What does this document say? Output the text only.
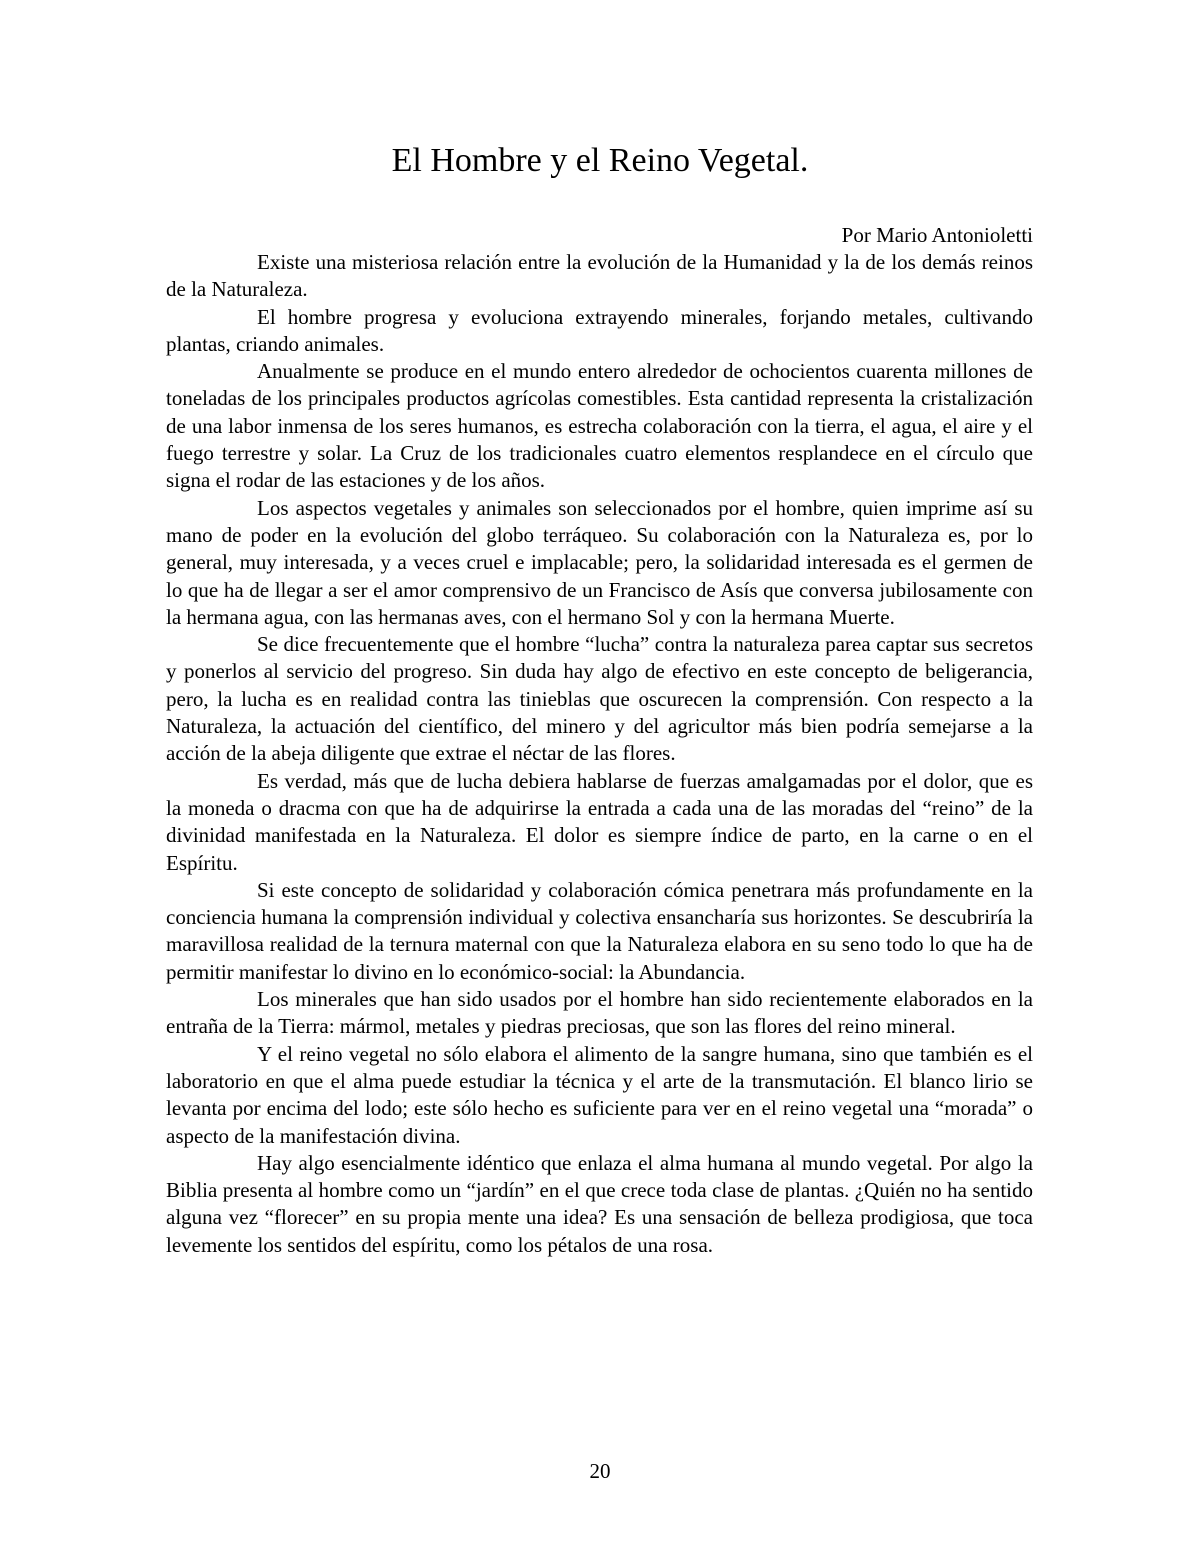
El Hombre y el Reino Vegetal.

Por Mario Antonioletti

Existe una misteriosa relación entre la evolución de la Humanidad y la de los demás reinos de la Naturaleza.

El hombre progresa y evoluciona extrayendo minerales, forjando metales, cultivando plantas, criando animales.

Anualmente se produce en el mundo entero alrededor de ochocientos cuarenta millones de toneladas de los principales productos agrícolas comestibles. Esta cantidad representa la cristalización de una labor inmensa de los seres humanos, es estrecha colaboración con la tierra, el agua, el aire y el fuego terrestre y solar. La Cruz de los tradicionales cuatro elementos resplandece en el círculo que signa el rodar de las estaciones y de los años.

Los aspectos vegetales y animales son seleccionados por el hombre, quien imprime así su mano de poder en la evolución del globo terráqueo. Su colaboración con la Naturaleza es, por lo general, muy interesada, y a veces cruel e implacable; pero, la solidaridad interesada es el germen de lo que ha de llegar a ser el amor comprensivo de un Francisco de Asís que conversa jubilosamente con la hermana agua, con las hermanas aves, con el hermano Sol y con la hermana Muerte.

Se dice frecuentemente que el hombre “lucha” contra la naturaleza parea captar sus secretos y ponerlos al servicio del progreso. Sin duda hay algo de efectivo en este concepto de beligerancia, pero, la lucha es en realidad contra las tinieblas que oscurecen la comprensión. Con respecto a la Naturaleza, la actuación del científico, del minero y del agricultor más bien podría semejarse a la acción de la abeja diligente que extrae el néctar de las flores.

Es verdad, más que de lucha debiera hablarse de fuerzas amalgamadas por el dolor, que es la moneda o dracma con que ha de adquirirse la entrada a cada una de las moradas del “reino” de la divinidad manifestada en la Naturaleza. El dolor es siempre índice de parto, en la carne o en el Espíritu.

Si este concepto de solidaridad y colaboración cómica penetrara más profundamente en la conciencia humana la comprensión individual y colectiva ensancharía sus horizontes. Se descubriría la maravillosa realidad de la ternura maternal con que la Naturaleza elabora en su seno todo lo que ha de permitir manifestar lo divino en lo económico-social: la Abundancia.

Los minerales que han sido usados por el hombre han sido recientemente elaborados en la entraña de la Tierra: mármol, metales y piedras preciosas, que son las flores del reino mineral.

Y el reino vegetal no sólo elabora el alimento de la sangre humana, sino que también es el laboratorio en que el alma puede estudiar la técnica y el arte de la transmutación. El blanco lirio se levanta por encima del lodo; este sólo hecho es suficiente para ver en el reino vegetal una “morada” o aspecto de la manifestación divina.

Hay algo esencialmente idéntico que enlaza el alma humana al mundo vegetal. Por algo la Biblia presenta al hombre como un “jardín” en el que crece toda clase de plantas. ¿Quién no ha sentido alguna vez “florecer” en su propia mente una idea? Es una sensación de belleza prodigiosa, que toca levemente los sentidos del espíritu, como los pétalos de una rosa.

20
